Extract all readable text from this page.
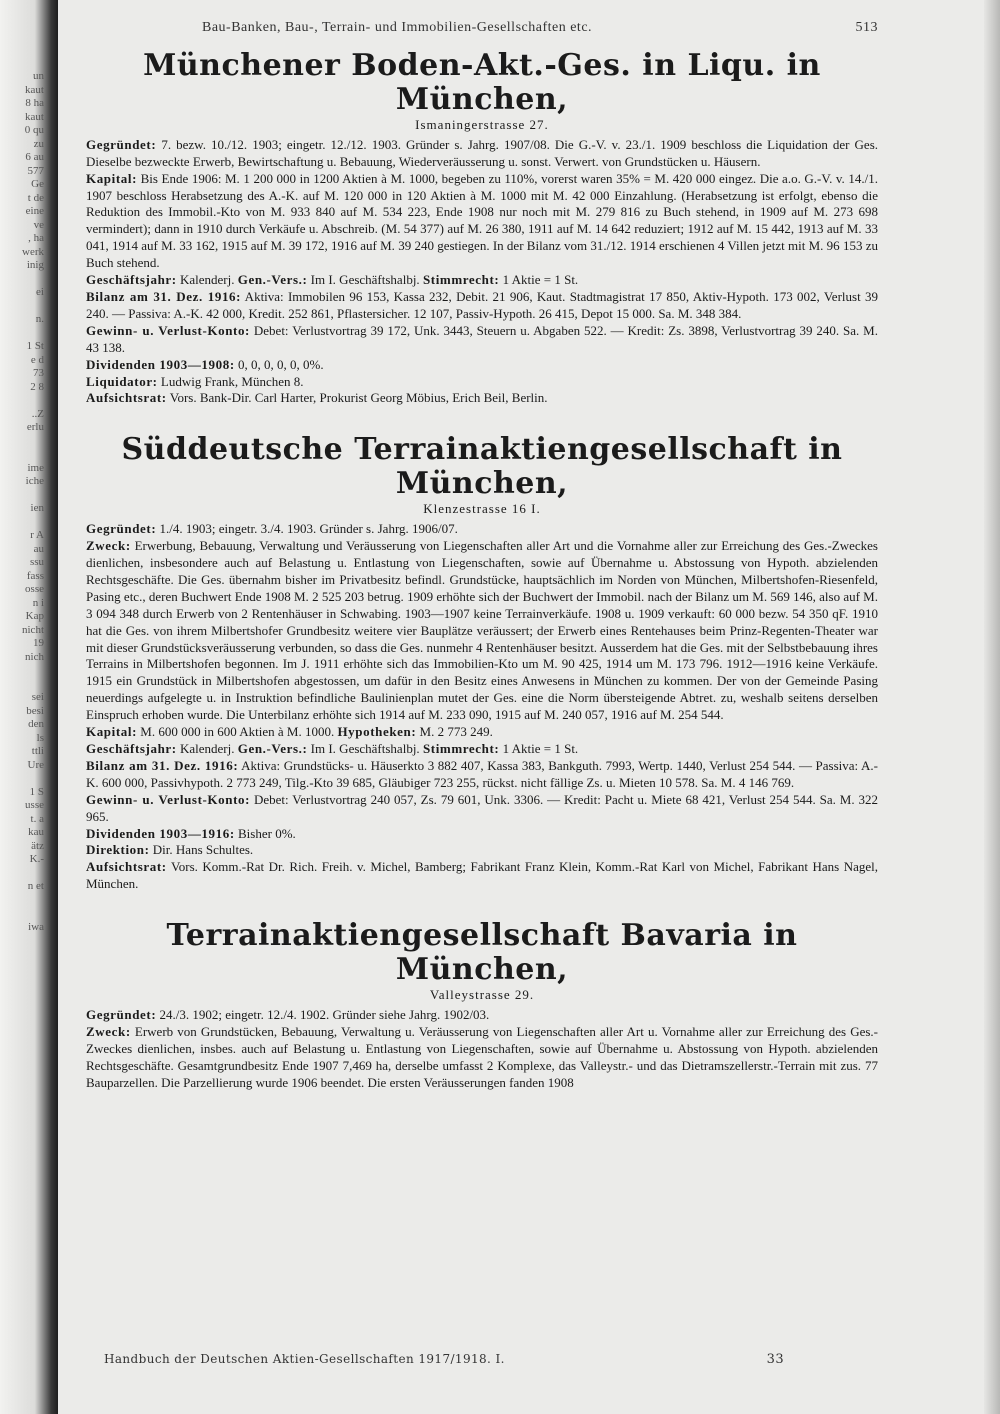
un
kaut
8 ha
kaut
0 qu
zu
6 au
577
Ge
t de
eine
ve
, ha
werk
inig
ei
n.
1 St
e d
73
2 8
..Z
erlu
ime
iche
ien
r A
au
ssu
fass
osse
n i
Kap
nicht
19
nich
sei
besi
den
ls
ttli
Ure
1 S
usse
t. a
kau
ätz
K.-
n et
iwa
Bau-Banken, Bau-, Terrain- und Immobilien-Gesellschaften etc.	513
Münchener Boden-Akt.-Ges. in Liqu. in München,
Ismaningerstrasse 27.

Gegründet: 7. bezw. 10./12. 1903; eingetr. 12./12. 1903. Gründer s. Jahrg. 1907/08. Die G.-V. v. 23./1. 1909 beschloss die Liquidation der Ges. Dieselbe bezweckte Erwerb, Bewirtschaftung u. Bebauung, Wiederveräusserung u. sonst. Verwert. von Grundstücken u. Häusern.

Kapital: Bis Ende 1906: M. 1 200 000 in 1200 Aktien à M. 1000, begeben zu 110%, vorerst waren 35% = M. 420 000 eingez. Die a.o. G.-V. v. 14./1. 1907 beschloss Herabsetzung des A.-K. auf M. 120 000 in 120 Aktien à M. 1000 mit M. 42 000 Einzahlung. (Herabsetzung ist erfolgt, ebenso die Reduktion des Immobil.-Kto von M. 933 840 auf M. 534 223, Ende 1908 nur noch mit M. 279 816 zu Buch stehend, in 1909 auf M. 273 698 vermindert); dann in 1910 durch Verkäufe u. Abschreib. (M. 54 377) auf M. 26 380, 1911 auf M. 14 642 reduziert; 1912 auf M. 15 442, 1913 auf M. 33 041, 1914 auf M. 33 162, 1915 auf M. 39 172, 1916 auf M. 39 240 gestiegen. In der Bilanz vom 31./12. 1914 erschienen 4 Villen jetzt mit M. 96 153 zu Buch stehend.

Geschäftsjahr: Kalenderj. Gen.-Vers.: Im I. Geschäftshalbj. Stimmrecht: 1 Aktie = 1 St.

Bilanz am 31. Dez. 1916: Aktiva: Immobilen 96 153, Kassa 232, Debit. 21 906, Kaut. Stadtmagistrat 17 850, Aktiv-Hypoth. 173 002, Verlust 39 240. — Passiva: A.-K. 42 000, Kredit. 252 861, Pflastersicher. 12 107, Passiv-Hypoth. 26 415, Depot 15 000. Sa. M. 348 384.

Gewinn- u. Verlust-Konto: Debet: Verlustvortrag 39 172, Unk. 3443, Steuern u. Abgaben 522. — Kredit: Zs. 3898, Verlustvortrag 39 240. Sa. M. 43 138.

Dividenden 1903—1908: 0, 0, 0, 0, 0, 0%.

Liquidator: Ludwig Frank, München 8.

Aufsichtsrat: Vors. Bank-Dir. Carl Harter, Prokurist Georg Möbius, Erich Beil, Berlin.

Süddeutsche Terrainaktiengesellschaft in München,
Klenzestrasse 16 I.

Gegründet: 1./4. 1903; eingetr. 3./4. 1903. Gründer s. Jahrg. 1906/07.

Zweck: Erwerbung, Bebauung, Verwaltung und Veräusserung von Liegenschaften aller Art und die Vornahme aller zur Erreichung des Ges.-Zweckes dienlichen, insbesondere auch auf Belastung u. Entlastung von Liegenschaften, sowie auf Übernahme u. Abstossung von Hypoth. abzielenden Rechtsgeschäfte. Die Ges. übernahm bisher im Privatbesitz befindl. Grundstücke, hauptsächlich im Norden von München, Milbertshofen-Riesenfeld, Pasing etc., deren Buchwert Ende 1908 M. 2 525 203 betrug. 1909 erhöhte sich der Buchwert der Immobil. nach der Bilanz um M. 569 146, also auf M. 3 094 348 durch Erwerb von 2 Rentenhäuser in Schwabing. 1903—1907 keine Terrainverkäufe. 1908 u. 1909 verkauft: 60 000 bezw. 54 350 qF. 1910 hat die Ges. von ihrem Milbertshofer Grundbesitz weitere vier Bauplätze veräussert; der Erwerb eines Rentehauses beim Prinz-Regenten-Theater war mit dieser Grundstücksveräusserung verbunden, so dass die Ges. nunmehr 4 Rentenhäuser besitzt. Ausserdem hat die Ges. mit der Selbstbebauung ihres Terrains in Milbertshofen begonnen. Im J. 1911 erhöhte sich das Immobilien-Kto um M. 90 425, 1914 um M. 173 796. 1912—1916 keine Verkäufe. 1915 ein Grundstück in Milbertshofen abgestossen, um dafür in den Besitz eines Anwesens in München zu kommen. Der von der Gemeinde Pasing neuerdings aufgelegte u. in Instruktion befindliche Baulinienplan mutet der Ges. eine die Norm übersteigende Abtret. zu, weshalb seitens derselben Einspruch erhoben wurde. Die Unterbilanz erhöhte sich 1914 auf M. 233 090, 1915 auf M. 240 057, 1916 auf M. 254 544.

Kapital: M. 600 000 in 600 Aktien à M. 1000. Hypotheken: M. 2 773 249.

Geschäftsjahr: Kalenderj. Gen.-Vers.: Im I. Geschäftshalbj. Stimmrecht: 1 Aktie = 1 St.

Bilanz am 31. Dez. 1916: Aktiva: Grundstücks- u. Häuserkto 3 882 407, Kassa 383, Bankguth. 7993, Wertp. 1440, Verlust 254 544. — Passiva: A.-K. 600 000, Passivhypoth. 2 773 249, Tilg.-Kto 39 685, Gläubiger 723 255, rückst. nicht fällige Zs. u. Mieten 10 578. Sa. M. 4 146 769.

Gewinn- u. Verlust-Konto: Debet: Verlustvortrag 240 057, Zs. 79 601, Unk. 3306. — Kredit: Pacht u. Miete 68 421, Verlust 254 544. Sa. M. 322 965.

Dividenden 1903—1916: Bisher 0%.

Direktion: Dir. Hans Schultes.

Aufsichtsrat: Vors. Komm.-Rat Dr. Rich. Freih. v. Michel, Bamberg; Fabrikant Franz Klein, Komm.-Rat Karl von Michel, Fabrikant Hans Nagel, München.

Terrainaktiengesellschaft Bavaria in München,
Valleystrasse 29.

Gegründet: 24./3. 1902; eingetr. 12./4. 1902. Gründer siehe Jahrg. 1902/03.

Zweck: Erwerb von Grundstücken, Bebauung, Verwaltung u. Veräusserung von Liegenschaften aller Art u. Vornahme aller zur Erreichung des Ges.-Zweckes dienlichen, insbes. auch auf Belastung u. Entlastung von Liegenschaften, sowie auf Übernahme u. Abstossung von Hypoth. abzielenden Rechtsgeschäfte. Gesamtgrundbesitz Ende 1907 7,469 ha, derselbe umfasst 2 Komplexe, das Valleystr.- und das Dietramszellerstr.-Terrain mit zus. 77 Bauparzellen. Die Parzellierung wurde 1906 beendet. Die ersten Veräusserungen fanden 1908

Handbuch der Deutschen Aktien-Gesellschaften 1917/1918. I.	33
